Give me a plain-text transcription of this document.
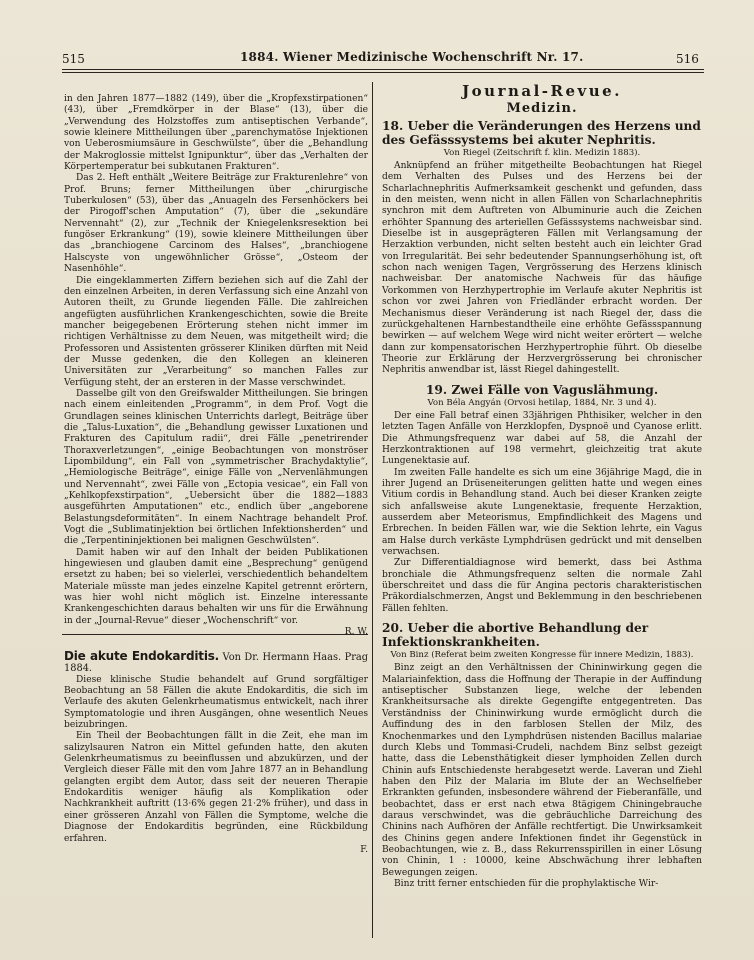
515	1884. Wiener Medizinische Wochenschrift Nr. 17.	516

in den Jahren 1877—1882 (149), über die „Kropfexstirpationen“ (43), über „Fremdkörper in der Blase“ (13), über die „Verwendung des Holzstoffes zum antiseptischen Verbande“, sowie kleinere Mittheilungen über „parenchymatöse Injektionen von Ueberosmiumsäure in Geschwülste“, über die „Behandlung der Makroglossie mittelst Ignipunktur“, über das „Verhalten der Körpertemperatur bei subkutanen Frakturen“.

Das 2. Heft enthält „Weitere Beiträge zur Frakturenlehre“ von Prof. Bruns; ferner Mittheilungen über „chirurgische Tuberkulosen“ (53), über das „Anuageln des Fersenhöckers bei der Pirogoff'schen Amputation“ (7), über die „sekundäre Nervennaht“ (2), zur „Technik der Kniegelenksresektion bei fungöser Erkrankung“ (19), sowie kleinere Mittheilungen über das „branchiogene Carcinom des Halses“, „branchiogene Halscyste von ungewöhnlicher Grösse“, „Osteom der Nasenhöhle“.

Die eingeklammerten Ziffern beziehen sich auf die Zahl der den einzelnen Arbeiten, in deren Verfassung sich eine Anzahl von Autoren theilt, zu Grunde liegenden Fälle. Die zahlreichen angefügten ausführlichen Krankengeschichten, sowie die Breite mancher beigegebenen Erörterung stehen nicht immer im richtigen Verhältnisse zu dem Neuen, was mitgetheilt wird; die Professoren und Assistenten grösserer Kliniken dürften mit Neid der Musse gedenken, die den Kollegen an kleineren Universitäten zur „Verarbeitung“ so manchen Falles zur Verfügung steht, der an ersteren in der Masse verschwindet.

Dasselbe gilt von den Greifswalder Mittheilungen. Sie bringen nach einem einleitenden „Programm“, in dem Prof. Vogt die Grundlagen seines klinischen Unterrichts darlegt, Beiträge über die „Talus-Luxation“, die „Behandlung gewisser Luxationen und Frakturen des Capitulum radii“, drei Fälle „penetrirender Thoraxverletzungen“, „einige Beobachtungen von monströser Lipombildung“, ein Fall von „symmetrischer Brachydaktylie“, „Hemiologische Beiträge“, einige Fälle von „Nervenlähmungen und Nervennaht“, zwei Fälle von „Ectopia vesicae“, ein Fall von „Kehlkopfexstirpation“, „Uebersicht über die 1882—1883 ausgeführten Amputationen“ etc., endlich über „angeborene Belastungsdeformitäten“. In einem Nachtrage behandelt Prof. Vogt die „Sublimatinjektion bei örtlichen Infektionsherden“ und die „Terpentininjektionen bei malignen Geschwülsten“.

Damit haben wir auf den Inhalt der beiden Publikationen hingewiesen und glauben damit eine „Besprechung“ genügend ersetzt zu haben; bei so vielerlei, verschiedentlich behandeltem Materiale müsste man jedes einzelne Kapitel getrennt erörtern, was hier wohl nicht möglich ist. Einzelne interessante Krankengeschichten daraus behalten wir uns für die Erwähnung in der „Journal-Revue“ dieser „Wochenschrift“ vor.

R. W.

Die akute Endokarditis. Von Dr. Hermann Haas. Prag 1884.

Diese klinische Studie behandelt auf Grund sorgfältiger Beobachtung an 58 Fällen die akute Endokarditis, die sich im Verlaufe des akuten Gelenkrheumatismus entwickelt, nach ihrer Symptomatologie und ihren Ausgängen, ohne wesentlich Neues beizubringen.

Ein Theil der Beobachtungen fällt in die Zeit, ehe man im salizylsauren Natron ein Mittel gefunden hatte, den akuten Gelenkrheumatismus zu beeinflussen und abzukürzen, und der Vergleich dieser Fälle mit den vom Jahre 1877 an in Behandlung gelangten ergibt dem Autor, dass seit der neueren Therapie Endokarditis weniger häufig als Komplikation oder Nachkrankheit auftritt (13·6% gegen 21·2% früher), und dass in einer grösseren Anzahl von Fällen die Symptome, welche die Diagnose der Endokarditis begründen, eine Rückbildung erfahren.

F.
Journal-Revue.
Medizin.
18. Ueber die Veränderungen des Herzens und des Gefässsystems bei akuter Nephritis.
Von Riegel (Zeitschrift f. klin. Medizin 1883).

Anknüpfend an früher mitgetheilte Beobachtungen hat Riegel dem Verhalten des Pulses und des Herzens bei der Scharlachnephritis Aufmerksamkeit geschenkt und gefunden, dass in den meisten, wenn nicht in allen Fällen von Scharlachnephritis synchron mit dem Auftreten von Albuminurie auch die Zeichen erhöhter Spannung des arteriellen Gefässsystems nachweisbar sind. Dieselbe ist in ausgeprägteren Fällen mit Verlangsamung der Herzaktion verbunden, nicht selten besteht auch ein leichter Grad von Irregularität. Bei sehr bedeutender Spannungserhöhung ist, oft schon nach wenigen Tagen, Vergrösserung des Herzens klinisch nachweisbar. Der anatomische Nachweis für das häufige Vorkommen von Herzhypertrophie im Verlaufe akuter Nephritis ist schon vor zwei Jahren von Friedländer erbracht worden. Der Mechanismus dieser Veränderung ist nach Riegel der, dass die zurückgehaltenen Harnbestandtheile eine erhöhte Gefässspannung bewirken — auf welchem Wege wird nicht weiter erörtert — welche dann zur kompensatorischen Herzhypertrophie führt. Ob dieselbe Theorie zur Erklärung der Herzvergrösserung bei chronischer Nephritis anwendbar ist, lässt Riegel dahingestellt.

19. Zwei Fälle von Vaguslähmung.
Von Béla Angyán (Orvosi hetilap, 1884, Nr. 3 und 4).

Der eine Fall betraf einen 33jährigen Phthisiker, welcher in den letzten Tagen Anfälle von Herzklopfen, Dyspnoë und Cyanose erlitt. Die Athmungsfrequenz war dabei auf 58, die Anzahl der Herzkontraktionen auf 198 vermehrt, gleichzeitig trat akute Lungenektasie auf.

Im zweiten Falle handelte es sich um eine 36jährige Magd, die in ihrer Jugend an Drüseneiterungen gelitten hatte und wegen eines Vitium cordis in Behandlung stand. Auch bei dieser Kranken zeigte sich anfallsweise akute Lungenektasie, frequente Herzaktion, ausserdem aber Meteorismus, Empfindlichkeit des Magens und Erbrechen. In beiden Fällen war, wie die Sektion lehrte, ein Vagus am Halse durch verkäste Lymphdrüsen gedrückt und mit denselben verwachsen.

Zur Differentialdiagnose wird bemerkt, dass bei Asthma bronchiale die Athmungsfrequenz selten die normale Zahl überschreitet und dass die für Angina pectoris charakteristischen Präkordialschmerzen, Angst und Beklemmung in den beschriebenen Fällen fehlten.

20. Ueber die abortive Behandlung der Infektionskrankheiten.
Von Binz (Referat beim zweiten Kongresse für innere Medizin, 1883).

Binz zeigt an den Verhältnissen der Chininwirkung gegen die Malariainfektion, dass die Hoffnung der Therapie in der Auffindung antiseptischer Substanzen liege, welche der lebenden Krankheitsursache als direkte Gegengifte entgegentreten. Das Verständniss der Chininwirkung wurde ermöglicht durch die Auffindung des in den farblosen Stellen der Milz, des Knochenmarkes und den Lymphdrüsen nistenden Bacillus malariae durch Klebs und Tommasi-Crudeli, nachdem Binz selbst gezeigt hatte, dass die Lebensthätigkeit dieser lymphoiden Zellen durch Chinin aufs Entschiedenste herabgesetzt werde. Laveran und Ziehl haben den Pilz der Malaria im Blute der an Wechselfieber Erkrankten gefunden, insbesondere während der Fieberanfälle, und beobachtet, dass er erst nach etwa 8tägigem Chiningebrauche daraus verschwindet, was die gebräuchliche Darreichung des Chinins nach Aufhören der Anfälle rechtfertigt. Die Unwirksamkeit des Chinins gegen andere Infektionen findet ihr Gegenstück in Beobachtungen, wie z. B., dass Rekurrensspirillen in einer Lösung von Chinin, 1 : 10000, keine Abschwächung ihrer lebhaften Bewegungen zeigen.

Binz tritt ferner entschieden für die prophylaktische Wir-
